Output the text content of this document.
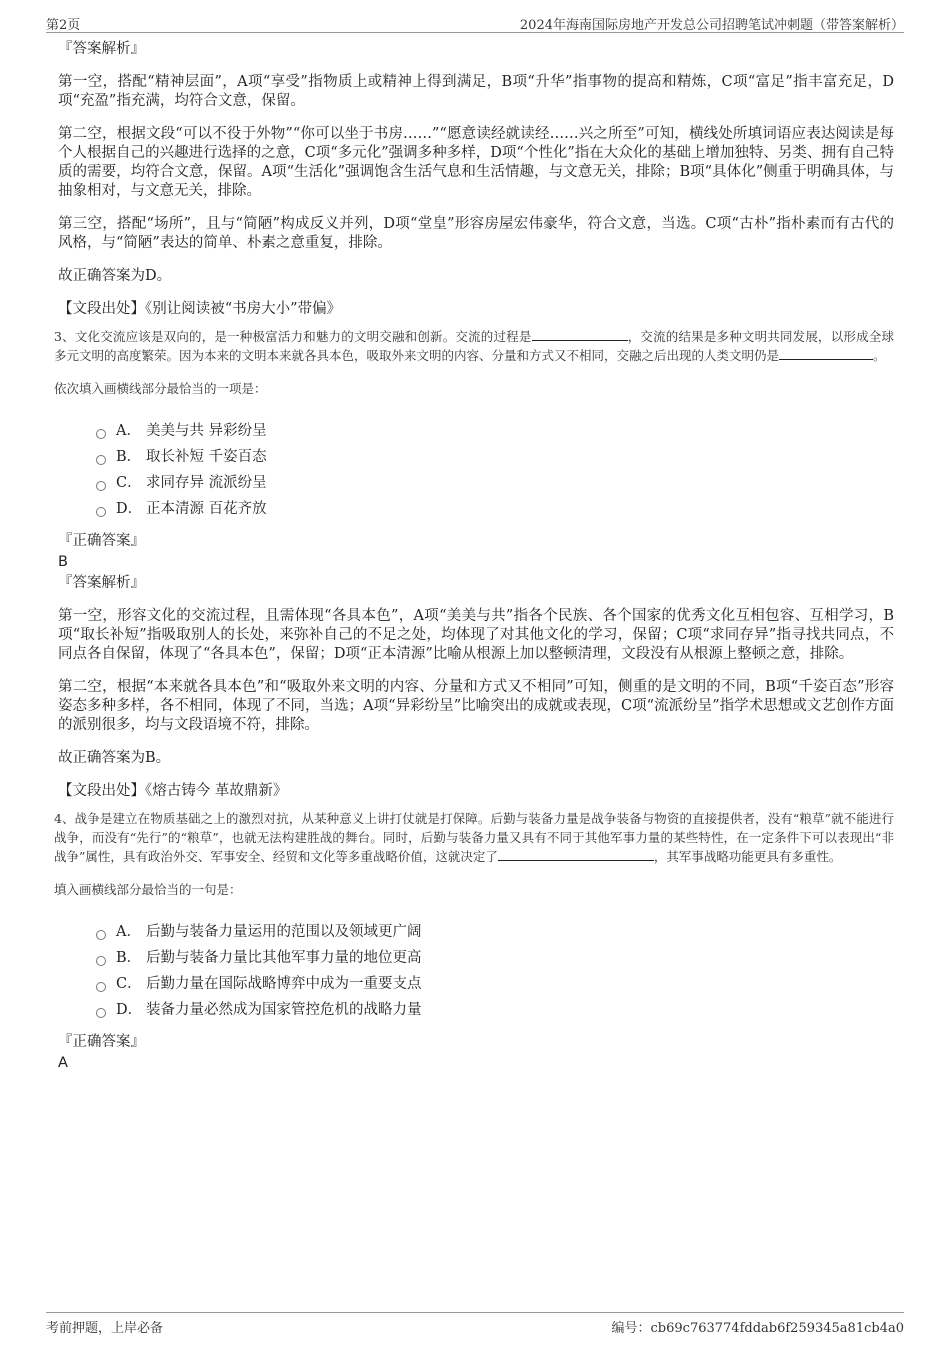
第2页	2024年海南国际房地产开发总公司招聘笔试冲刺题（带答案解析）
『答案解析』
第一空，搭配“精神层面”，A项“享受”指物质上或精神上得到满足，B项“升华”指事物的提高和精炼，C项“富足”指丰富充足，D项“充盈”指充满，均符合文意，保留。
第二空，根据文段“可以不役于外物”“你可以坐于书房……”“愿意读经就读经……兴之所至”可知，横线处所填词语应表达阅读是每个人根据自己的兴趣进行选择的之意，C项“多元化”强调多种多样，D项“个性化”指在大众化的基础上增加独特、另类、拥有自己特质的需要，均符合文意，保留。A项“生活化”强调饱含生活气息和生活情趣，与文意无关，排除；B项“具体化”侧重于明确具体，与抽象相对，与文意无关，排除。
第三空，搭配“场所”，且与“简陋”构成反义并列，D项“堂皇”形容房屋宏伟豪华，符合文意，当选。C项“古朴”指朴素而有古代的风格，与“简陋”表达的简单、朴素之意重复，排除。
故正确答案为D。
【文段出处】《别让阅读被“书房大小”带偏》
3、文化交流应该是双向的，是一种极富活力和魅力的文明交融和创新。交流的过程是	，交流的结果是多种文明共同发展，以形成全球多元文明的高度繁荣。因为本来的文明本来就各具本色，吸取外来文明的内容、分量和方式又不相同，交融之后出现的人类文明仍是	。
依次填入画横线部分最恰当的一项是：
A． 美美与共 异彩纷呈
B． 取长补短 千姿百态
C． 求同存异 流派纷呈
D． 正本清源 百花齐放
『正确答案』
B
『答案解析』
第一空，形容文化的交流过程，且需体现“各具本色”，A项“美美与共”指各个民族、各个国家的优秀文化互相包容、互相学习，B项“取长补短”指吸取别人的长处，来弥补自己的不足之处，均体现了对其他文化的学习，保留；C项“求同存异”指寻找共同点，不同点各自保留，体现了“各具本色”，保留；D项“正本清源”比喻从根源上加以整顿清理，文段没有从根源上整顿之意，排除。
第二空，根据“本来就各具本色”和“吸取外来文明的内容、分量和方式又不相同”可知，侧重的是文明的不同，B项“千姿百态”形容姿态多种多样，各不相同，体现了不同，当选；A项“异彩纷呈”比喻突出的成就或表现，C项“流派纷呈”指学术思想或文艺创作方面的派别很多，均与文段语境不符，排除。
故正确答案为B。
【文段出处】《熔古铸今 革故鼎新》
4、战争是建立在物质基础之上的激烈对抗，从某种意义上讲打仗就是打保障。后勤与装备力量是战争装备与物资的直接提供者，没有“粮草”就不能进行战争，而没有“先行”的“粮草”，也就无法构建胜战的舞台。同时，后勤与装备力量又具有不同于其他军事力量的某些特性，在一定条件下可以表现出“非战争”属性，具有政治外交、军事安全、经贸和文化等多重战略价值，这就决定了	，其军事战略功能更具有多重性。
填入画横线部分最恰当的一句是：
A． 后勤与装备力量运用的范围以及领域更广阔
B． 后勤与装备力量比其他军事力量的地位更高
C． 后勤力量在国际战略博弈中成为一重要支点
D． 装备力量必然成为国家管控危机的战略力量
『正确答案』
A
考前押题，上岸必备	编号：cb69c763774fddab6f259345a81cb4a0
